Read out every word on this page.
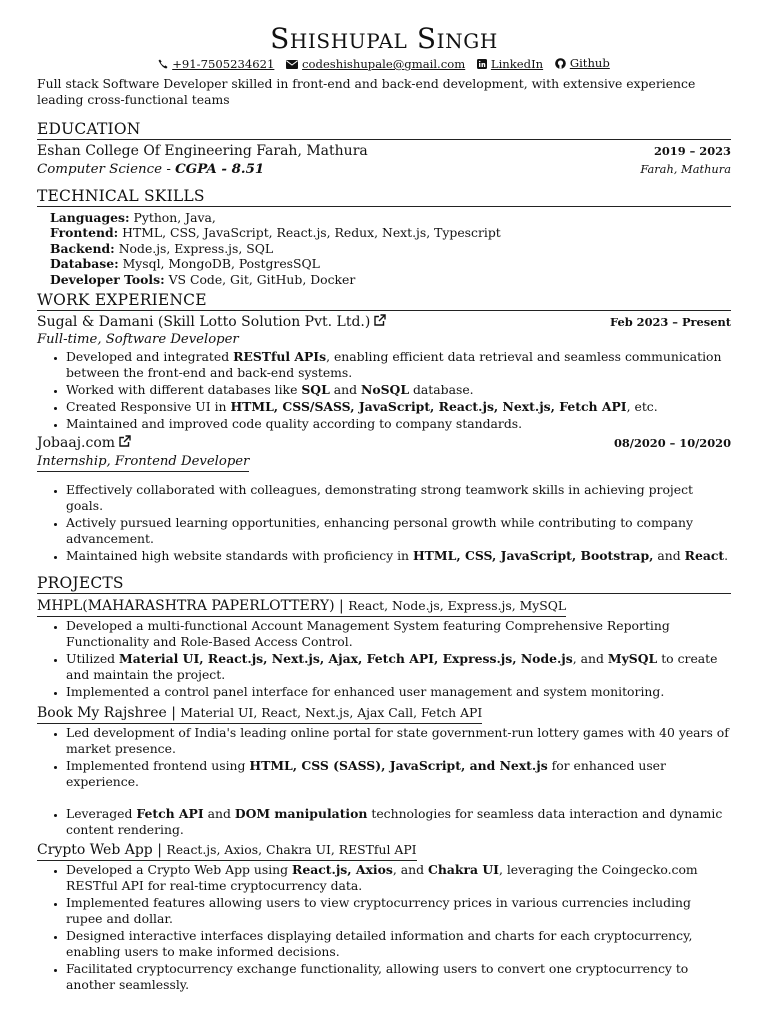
Shishupal Singh
+91-7505234621
codeshishupale@gmail.com
LinkedIn
Github
Full stack Software Developer skilled in front-end and back-end development, with extensive experience leading cross-functional teams
EDUCATION
Eshan College Of Engineering Farah, Mathura	2019 – 2023
Computer Science - CGPA - 8.51	Farah, Mathura
TECHNICAL SKILLS
Languages: Python, Java,
Frontend: HTML, CSS, JavaScript, React.js, Redux, Next.js, Typescript
Backend: Node.js, Express.js, SQL
Database: Mysql, MongoDB, PostgresSQL
Developer Tools: VS Code, Git, GitHub, Docker
WORK EXPERIENCE
Sugal & Damani (Skill Lotto Solution Pvt. Ltd.)	Feb 2023 – Present
Full-time, Software Developer
• Developed and integrated RESTful APIs, enabling efficient data retrieval and seamless communication between the front-end and back-end systems.
• Worked with different databases like SQL and NoSQL database.
• Created Responsive UI in HTML, CSS/SASS, JavaScript, React.js, Next.js, Fetch API, etc.
• Maintained and improved code quality according to company standards.
Jobaaj.com	08/2020 – 10/2020
Internship, Frontend Developer
• Effectively collaborated with colleagues, demonstrating strong teamwork skills in achieving project goals.
• Actively pursued learning opportunities, enhancing personal growth while contributing to company advancement.
• Maintained high website standards with proficiency in HTML, CSS, JavaScript, Bootstrap, and React.
PROJECTS
MHPL(MAHARASHTRA PAPERLOTTERY) | React, Node.js, Express.js, MySQL
• Developed a multi-functional Account Management System featuring Comprehensive Reporting Functionality and Role-Based Access Control.
• Utilized Material UI, React.js, Next.js, Ajax, Fetch API, Express.js, Node.js, and MySQL to create and maintain the project.
• Implemented a control panel interface for enhanced user management and system monitoring.
Book My Rajshree | Material UI, React, Next.js, Ajax Call, Fetch API
• Led development of India's leading online portal for state government-run lottery games with 40 years of market presence.
• Implemented frontend using HTML, CSS (SASS), JavaScript, and Next.js for enhanced user experience.
• Leveraged Fetch API and DOM manipulation technologies for seamless data interaction and dynamic content rendering.
Crypto Web App | React.js, Axios, Chakra UI, RESTful API
• Developed a Crypto Web App using React.js, Axios, and Chakra UI, leveraging the Coingecko.com RESTful API for real-time cryptocurrency data.
• Implemented features allowing users to view cryptocurrency prices in various currencies including rupee and dollar.
• Designed interactive interfaces displaying detailed information and charts for each cryptocurrency, enabling users to make informed decisions.
• Facilitated cryptocurrency exchange functionality, allowing users to convert one cryptocurrency to another seamlessly.
